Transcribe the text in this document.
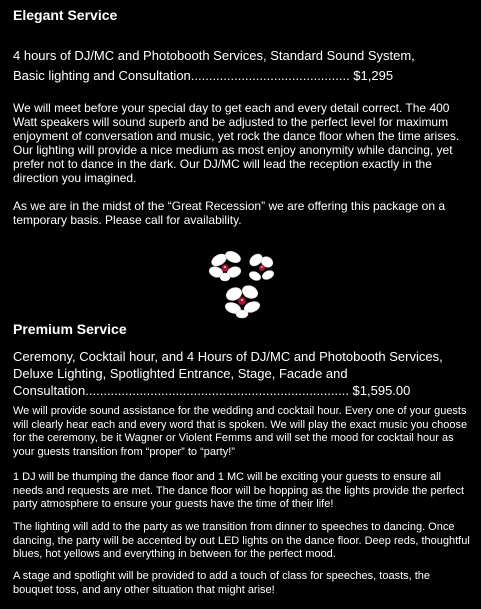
Elegant Service

4 hours of DJ/MC and Photobooth Services, Standard Sound System,

Basic lighting and Consultation............................................ $1,295

We will meet before your special day to get each and every detail correct. The 400 Watt speakers will sound superb and be adjusted to the perfect level for maximum enjoyment of conversation and music, yet rock the dance floor when the time arises. Our lighting will provide a nice medium as most enjoy anonymity while dancing, yet prefer not to dance in the dark. Our DJ/MC will lead the reception exactly in the direction you imagined.

As we are in the midst of the “Great Recession” we are offering this package on a temporary basis. Please call for availability.

Premium Service

Ceremony, Cocktail hour, and 4 Hours of DJ/MC and Photobooth Services,

Deluxe Lighting, Spotlighted Entrance, Stage, Facade and

Consultation......................................................................... $1,595.00

We will provide sound assistance for the wedding and cocktail hour. Every one of your guests will clearly hear each and every word that is spoken. We will play the exact music you choose for the ceremony, be it Wagner or Violent Femms and will set the mood for cocktail hour as your guests transition from “proper” to “party!”

1 DJ will be thumping the dance floor and 1 MC will be exciting your guests to ensure all needs and requests are met. The dance floor will be hopping as the lights provide the perfect party atmosphere to ensure your guests have the time of their life!

The lighting will add to the party as we transition from dinner to speeches to dancing. Once dancing, the party will be accented by out LED lights on the dance floor. Deep reds, thoughtful blues, hot yellows and everything in between for the perfect mood.

A stage and spotlight will be provided to add a touch of class for speeches, toasts, the bouquet toss, and any other situation that might arise!
